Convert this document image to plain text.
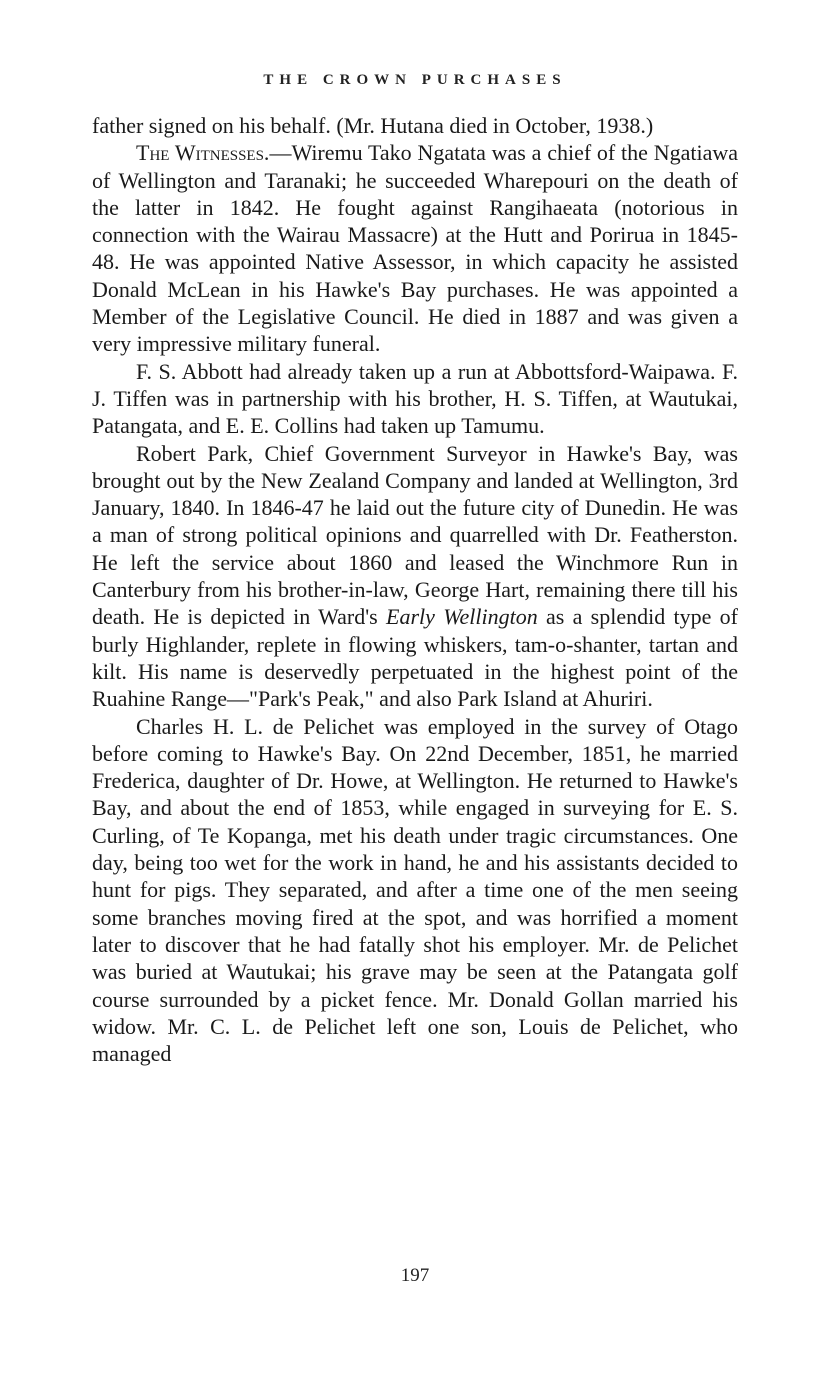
THE CROWN PURCHASES

father signed on his behalf. (Mr. Hutana died in October, 1938.)

The Witnesses.—Wiremu Tako Ngatata was a chief of the Ngatiawa of Wellington and Taranaki; he succeeded Wharepouri on the death of the latter in 1842. He fought against Rangihaeata (notorious in connection with the Wairau Massacre) at the Hutt and Porirua in 1845-48. He was appointed Native Assessor, in which capacity he assisted Donald McLean in his Hawke's Bay purchases. He was appointed a Member of the Legislative Council. He died in 1887 and was given a very impressive military funeral.

F. S. Abbott had already taken up a run at Abbottsford-Waipawa. F. J. Tiffen was in partnership with his brother, H. S. Tiffen, at Wautukai, Patangata, and E. E. Collins had taken up Tamumu.

Robert Park, Chief Government Surveyor in Hawke's Bay, was brought out by the New Zealand Company and landed at Wellington, 3rd January, 1840. In 1846-47 he laid out the future city of Dunedin. He was a man of strong political opinions and quarrelled with Dr. Featherston. He left the service about 1860 and leased the Winchmore Run in Canterbury from his brother-in-law, George Hart, remaining there till his death. He is depicted in Ward's Early Wellington as a splendid type of burly Highlander, replete in flowing whiskers, tam-o-shanter, tartan and kilt. His name is deservedly perpetuated in the highest point of the Ruahine Range—"Park's Peak," and also Park Island at Ahuriri.

Charles H. L. de Pelichet was employed in the survey of Otago before coming to Hawke's Bay. On 22nd December, 1851, he married Frederica, daughter of Dr. Howe, at Wellington. He returned to Hawke's Bay, and about the end of 1853, while engaged in surveying for E. S. Curling, of Te Kopanga, met his death under tragic circumstances. One day, being too wet for the work in hand, he and his assistants decided to hunt for pigs. They separated, and after a time one of the men seeing some branches moving fired at the spot, and was horrified a moment later to discover that he had fatally shot his employer. Mr. de Pelichet was buried at Wautukai; his grave may be seen at the Patangata golf course surrounded by a picket fence. Mr. Donald Gollan married his widow. Mr. C. L. de Pelichet left one son, Louis de Pelichet, who managed

197
